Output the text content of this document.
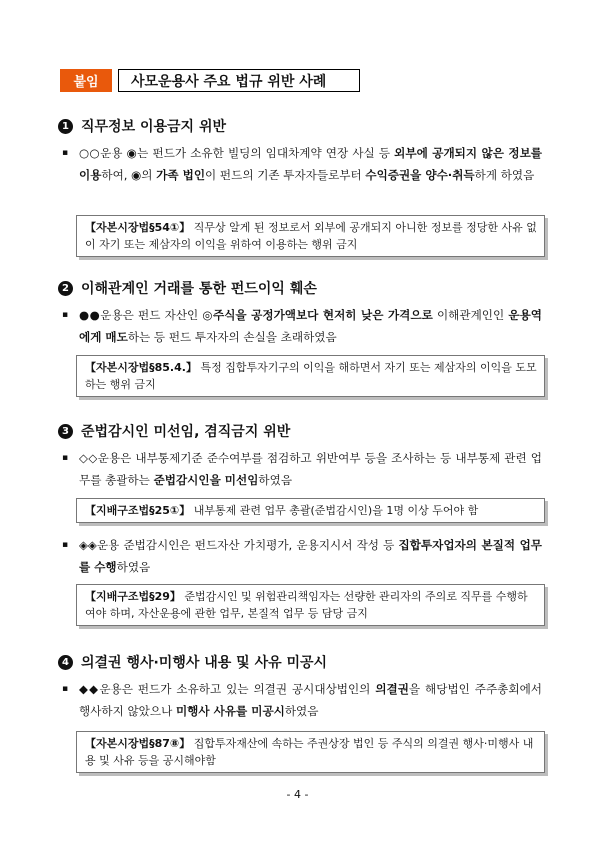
붙임	사모운용사 주요 법규 위반 사례
1 직무정보 이용금지 위반
▪ ○○운용 ◉는 펀드가 소유한 빌딩의 임대차계약 연장 사실 등 외부에 공개되지 않은 정보를 이용하여, ◉의 가족 법인이 펀드의 기존 투자자들로부터 수익증권을 양수·취득하게 하였음
【자본시장법§54①】 직무상 알게 된 정보로서 외부에 공개되지 아니한 정보를 정당한 사유 없이 자기 또는 제삼자의 이익을 위하여 이용하는 행위 금지
2 이해관계인 거래를 통한 펀드이익 훼손
▪ ●●운용은 펀드 자산인 ◎주식을 공정가액보다 현저히 낮은 가격으로 이해관계인인 운용역에게 매도하는 등 펀드 투자자의 손실을 초래하였음
【자본시장법§85.4.】 특정 집합투자기구의 이익을 해하면서 자기 또는 제삼자의 이익을 도모하는 행위 금지
3 준법감시인 미선임, 겸직금지 위반
▪ ◇◇운용은 내부통제기준 준수여부를 점검하고 위반여부 등을 조사하는 등 내부통제 관련 업무를 총괄하는 준법감시인을 미선임하였음
【지배구조법§25①】 내부통제 관련 업무 총괄(준법감시인)을 1명 이상 두어야 함
▪ ◈◈운용 준법감시인은 펀드자산 가치평가, 운용지시서 작성 등 집합투자업자의 본질적 업무를 수행하였음
【지배구조법§29】 준법감시인 및 위험관리책임자는 선량한 관리자의 주의로 직무를 수행하여야 하며, 자산운용에 관한 업무, 본질적 업무 등 담당 금지
4 의결권 행사·미행사 내용 및 사유 미공시
▪ ◆◆운용은 펀드가 소유하고 있는 의결권 공시대상법인의 의결권을 해당법인 주주총회에서 행사하지 않았으나 미행사 사유를 미공시하였음
【자본시장법§87⑧】 집합투자재산에 속하는 주권상장 법인 등 주식의 의결권 행사·미행사 내용 및 사유 등을 공시해야함
- 4 -
